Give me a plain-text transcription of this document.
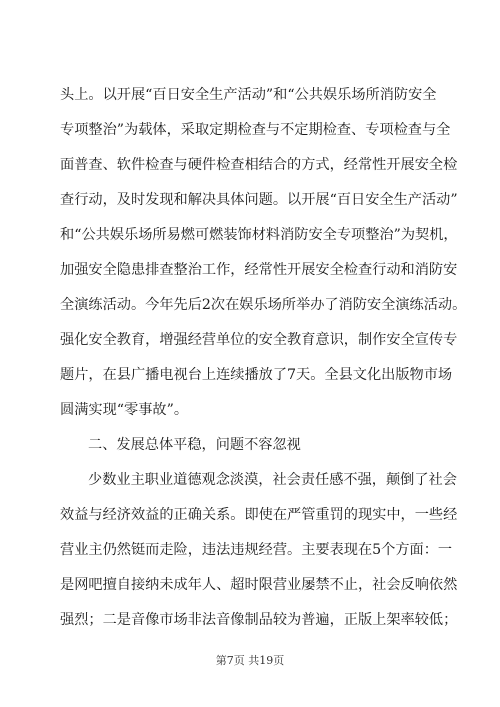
头上。以开展“百日安全生产活动”和“公共娱乐场所消防安全
专项整治”为载体，采取定期检查与不定期检查、专项检查与全
面普查、软件检查与硬件检查相结合的方式，经常性开展安全检
查行动，及时发现和解决具体问题。以开展“百日安全生产活动”
和“公共娱乐场所易燃可燃装饰材料消防安全专项整治”为契机，
加强安全隐患排查整治工作，经常性开展安全检查行动和消防安
全演练活动。今年先后2次在娱乐场所举办了消防安全演练活动。
强化安全教育，增强经营单位的安全教育意识，制作安全宣传专
题片，在县广播电视台上连续播放了7天。全县文化出版物市场
圆满实现“零事故”。
二、发展总体平稳，问题不容忽视
少数业主职业道德观念淡漠，社会责任感不强，颠倒了社会
效益与经济效益的正确关系。即使在严管重罚的现实中，一些经
营业主仍然铤而走险，违法违规经营。主要表现在5个方面：一
是网吧擅自接纳未成年人、超时限营业屡禁不止，社会反响依然
强烈；二是音像市场非法音像制品较为普遍，正版上架率较低；
第7页 共19页
